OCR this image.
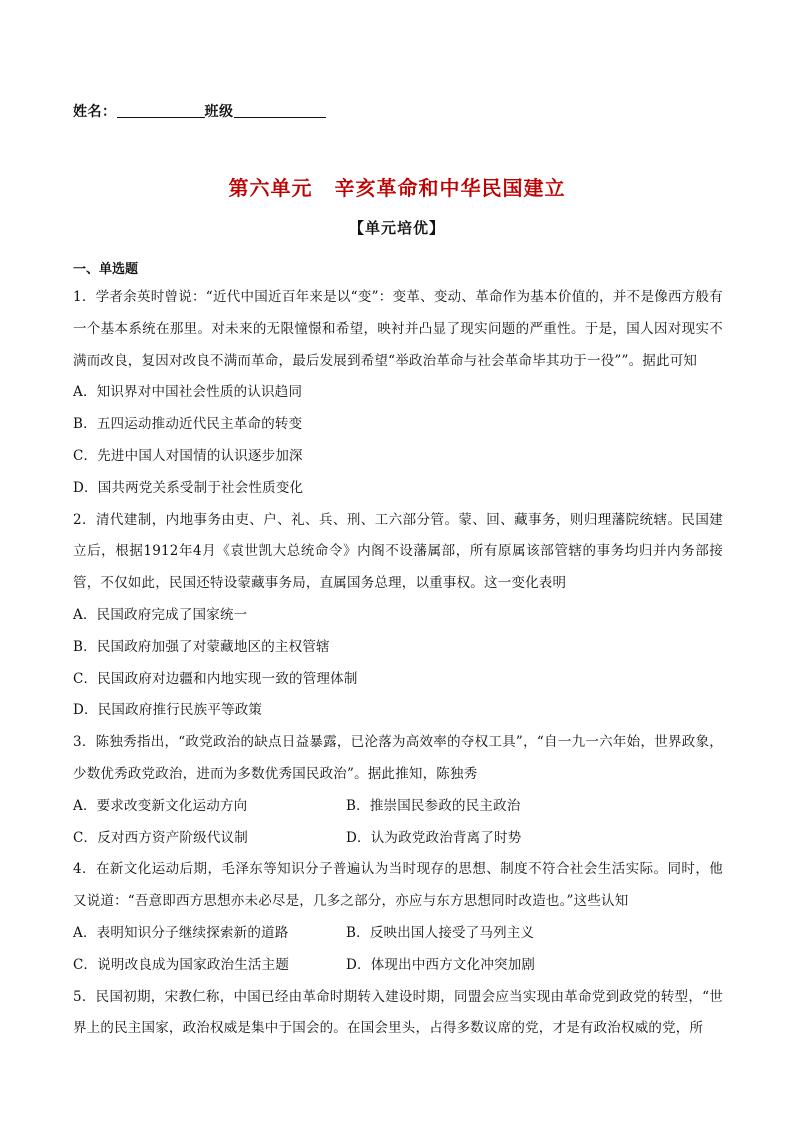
姓名：	班级
第六单元 辛亥革命和中华民国建立
【单元培优】
一、单选题
1．学者余英时曾说：“近代中国近百年来是以“变”：变革、变动、革命作为基本价值的，并不是像西方般有一个基本系统在那里。对未来的无限憧憬和希望，映衬并凸显了现实问题的严重性。于是，国人因对现实不满而改良，复因对改良不满而革命，最后发展到希望“举政治革命与社会革命毕其功于一役””。据此可知
A．知识界对中国社会性质的认识趋同
B．五四运动推动近代民主革命的转变
C．先进中国人对国情的认识逐步加深
D．国共两党关系受制于社会性质变化
2．清代建制，内地事务由吏、户、礼、兵、刑、工六部分管。蒙、回、藏事务，则归理藩院统辖。民国建立后，根据1912年4月《袁世凯大总统命令》内阁不设藩属部，所有原属该部管辖的事务均归并内务部接管，不仅如此，民国还特设蒙藏事务局，直属国务总理，以重事权。这一变化表明
A．民国政府完成了国家统一
B．民国政府加强了对蒙藏地区的主权管辖
C．民国政府对边疆和内地实现一致的管理体制
D．民国政府推行民族平等政策
3．陈独秀指出，“政党政治的缺点日益暴露，已沦落为高效率的夺权工具”，“自一九一六年始，世界政象，少数优秀政党政治，进而为多数优秀国民政治”。据此推知，陈独秀
A．要求改变新文化运动方向	B．推崇国民参政的民主政治
C．反对西方资产阶级代议制	D．认为政党政治背离了时势
4．在新文化运动后期，毛泽东等知识分子普遍认为当时现存的思想、制度不符合社会生活实际。同时，他又说道：“吾意即西方思想亦未必尽是，几多之部分，亦应与东方思想同时改造也。”这些认知
A．表明知识分子继续探索新的道路	B．反映出国人接受了马列主义
C．说明改良成为国家政治生活主题	D．体现出中西方文化冲突加剧
5．民国初期，宋教仁称，中国已经由革命时期转入建设时期，同盟会应当实现由革命党到政党的转型，“世界上的民主国家，政治权威是集中于国会的。在国会里头，占得多数议席的党，才是有政治权威的党，所
